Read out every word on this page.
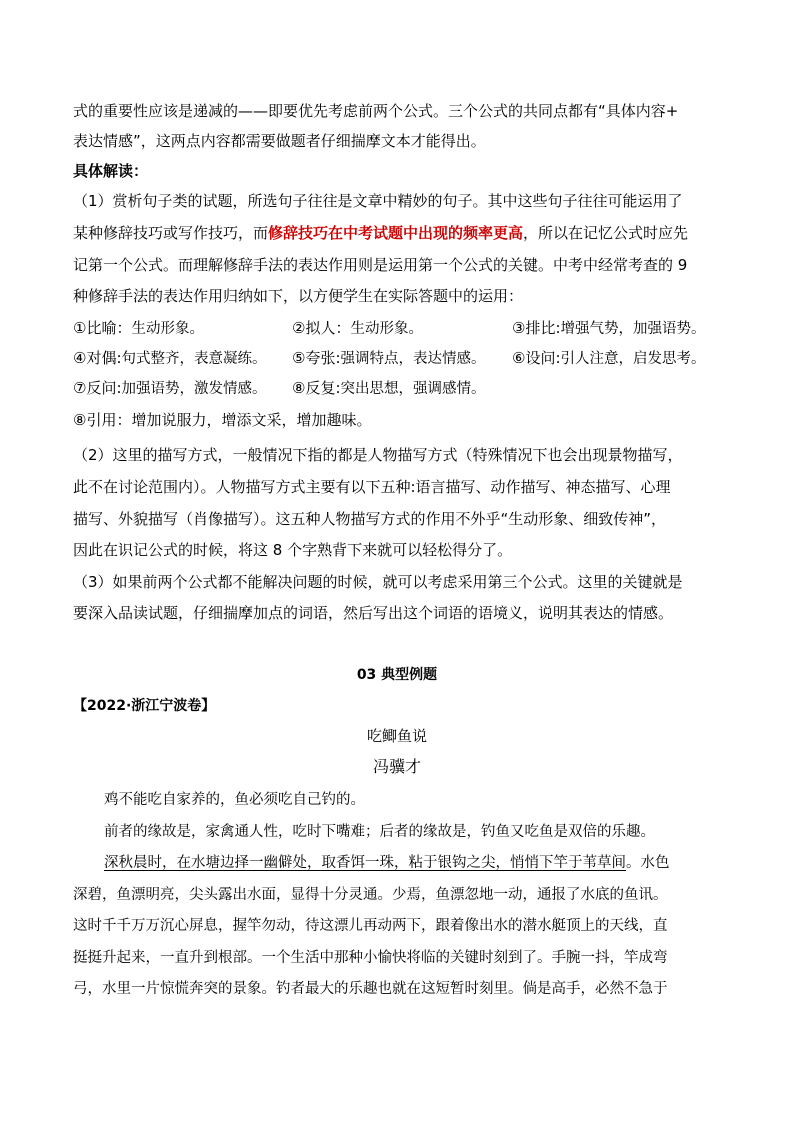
式的重要性应该是递减的——即要优先考虑前两个公式。三个公式的共同点都有“具体内容+
表达情感”，这两点内容都需要做题者仔细揣摩文本才能得出。
具体解读：
（1）赏析句子类的试题，所选句子往往是文章中精妙的句子。其中这些句子往往可能运用了
某种修辞技巧或写作技巧，而修辞技巧在中考试题中出现的频率更高，所以在记忆公式时应先
记第一个公式。而理解修辞手法的表达作用则是运用第一个公式的关键。中考中经常考查的 9
种修辞手法的表达作用归纳如下，以方便学生在实际答题中的运用：
①比喻：生动形象。	②拟人：生动形象。	③排比:增强气势，加强语势。
④对偶:句式整齐，表意凝练。 ⑤夸张:强调特点，表达情感。 ⑥设问:引人注意，启发思考。
⑦反问:加强语势，激发情感。 ⑧反复:突出思想，强调感情。
⑧引用：增加说服力，增添文采，增加趣味。
（2）这里的描写方式，一般情况下指的都是人物描写方式（特殊情况下也会出现景物描写，
此不在讨论范围内）。人物描写方式主要有以下五种:语言描写、动作描写、神态描写、心理
描写、外貌描写（肖像描写）。这五种人物描写方式的作用不外乎“生动形象、细致传神”，
因此在识记公式的时候，将这 8 个字熟背下来就可以轻松得分了。
（3）如果前两个公式都不能解决问题的时候，就可以考虑采用第三个公式。这里的关键就是
要深入品读试题，仔细揣摩加点的词语，然后写出这个词语的语境义，说明其表达的情感。
03 典型例题
【2022·浙江宁波卷】
吃鲫鱼说
冯骥才
鸡不能吃自家养的，鱼必须吃自己钓的。
前者的缘故是，家禽通人性，吃时下嘴难；后者的缘故是，钓鱼又吃鱼是双倍的乐趣。
深秋晨时，在水塘边择一幽僻处，取香饵一珠，粘于银钩之尖，悄悄下竿于苇草间。水色
深碧，鱼漂明亮，尖头露出水面，显得十分灵通。少焉，鱼漂忽地一动，通报了水底的鱼讯。
这时千千万万沉心屏息，握竿勿动，待这漂儿再动两下，跟着像出水的潜水艇顶上的天线，直
挺挺升起来，一直升到根部。一个生活中那种小愉快将临的关键时刻到了。手腕一抖，竿成弯
弓，水里一片惊慌奔突的景象。钓者最大的乐趣也就在这短暂时刻里。倘是高手，必然不急于
